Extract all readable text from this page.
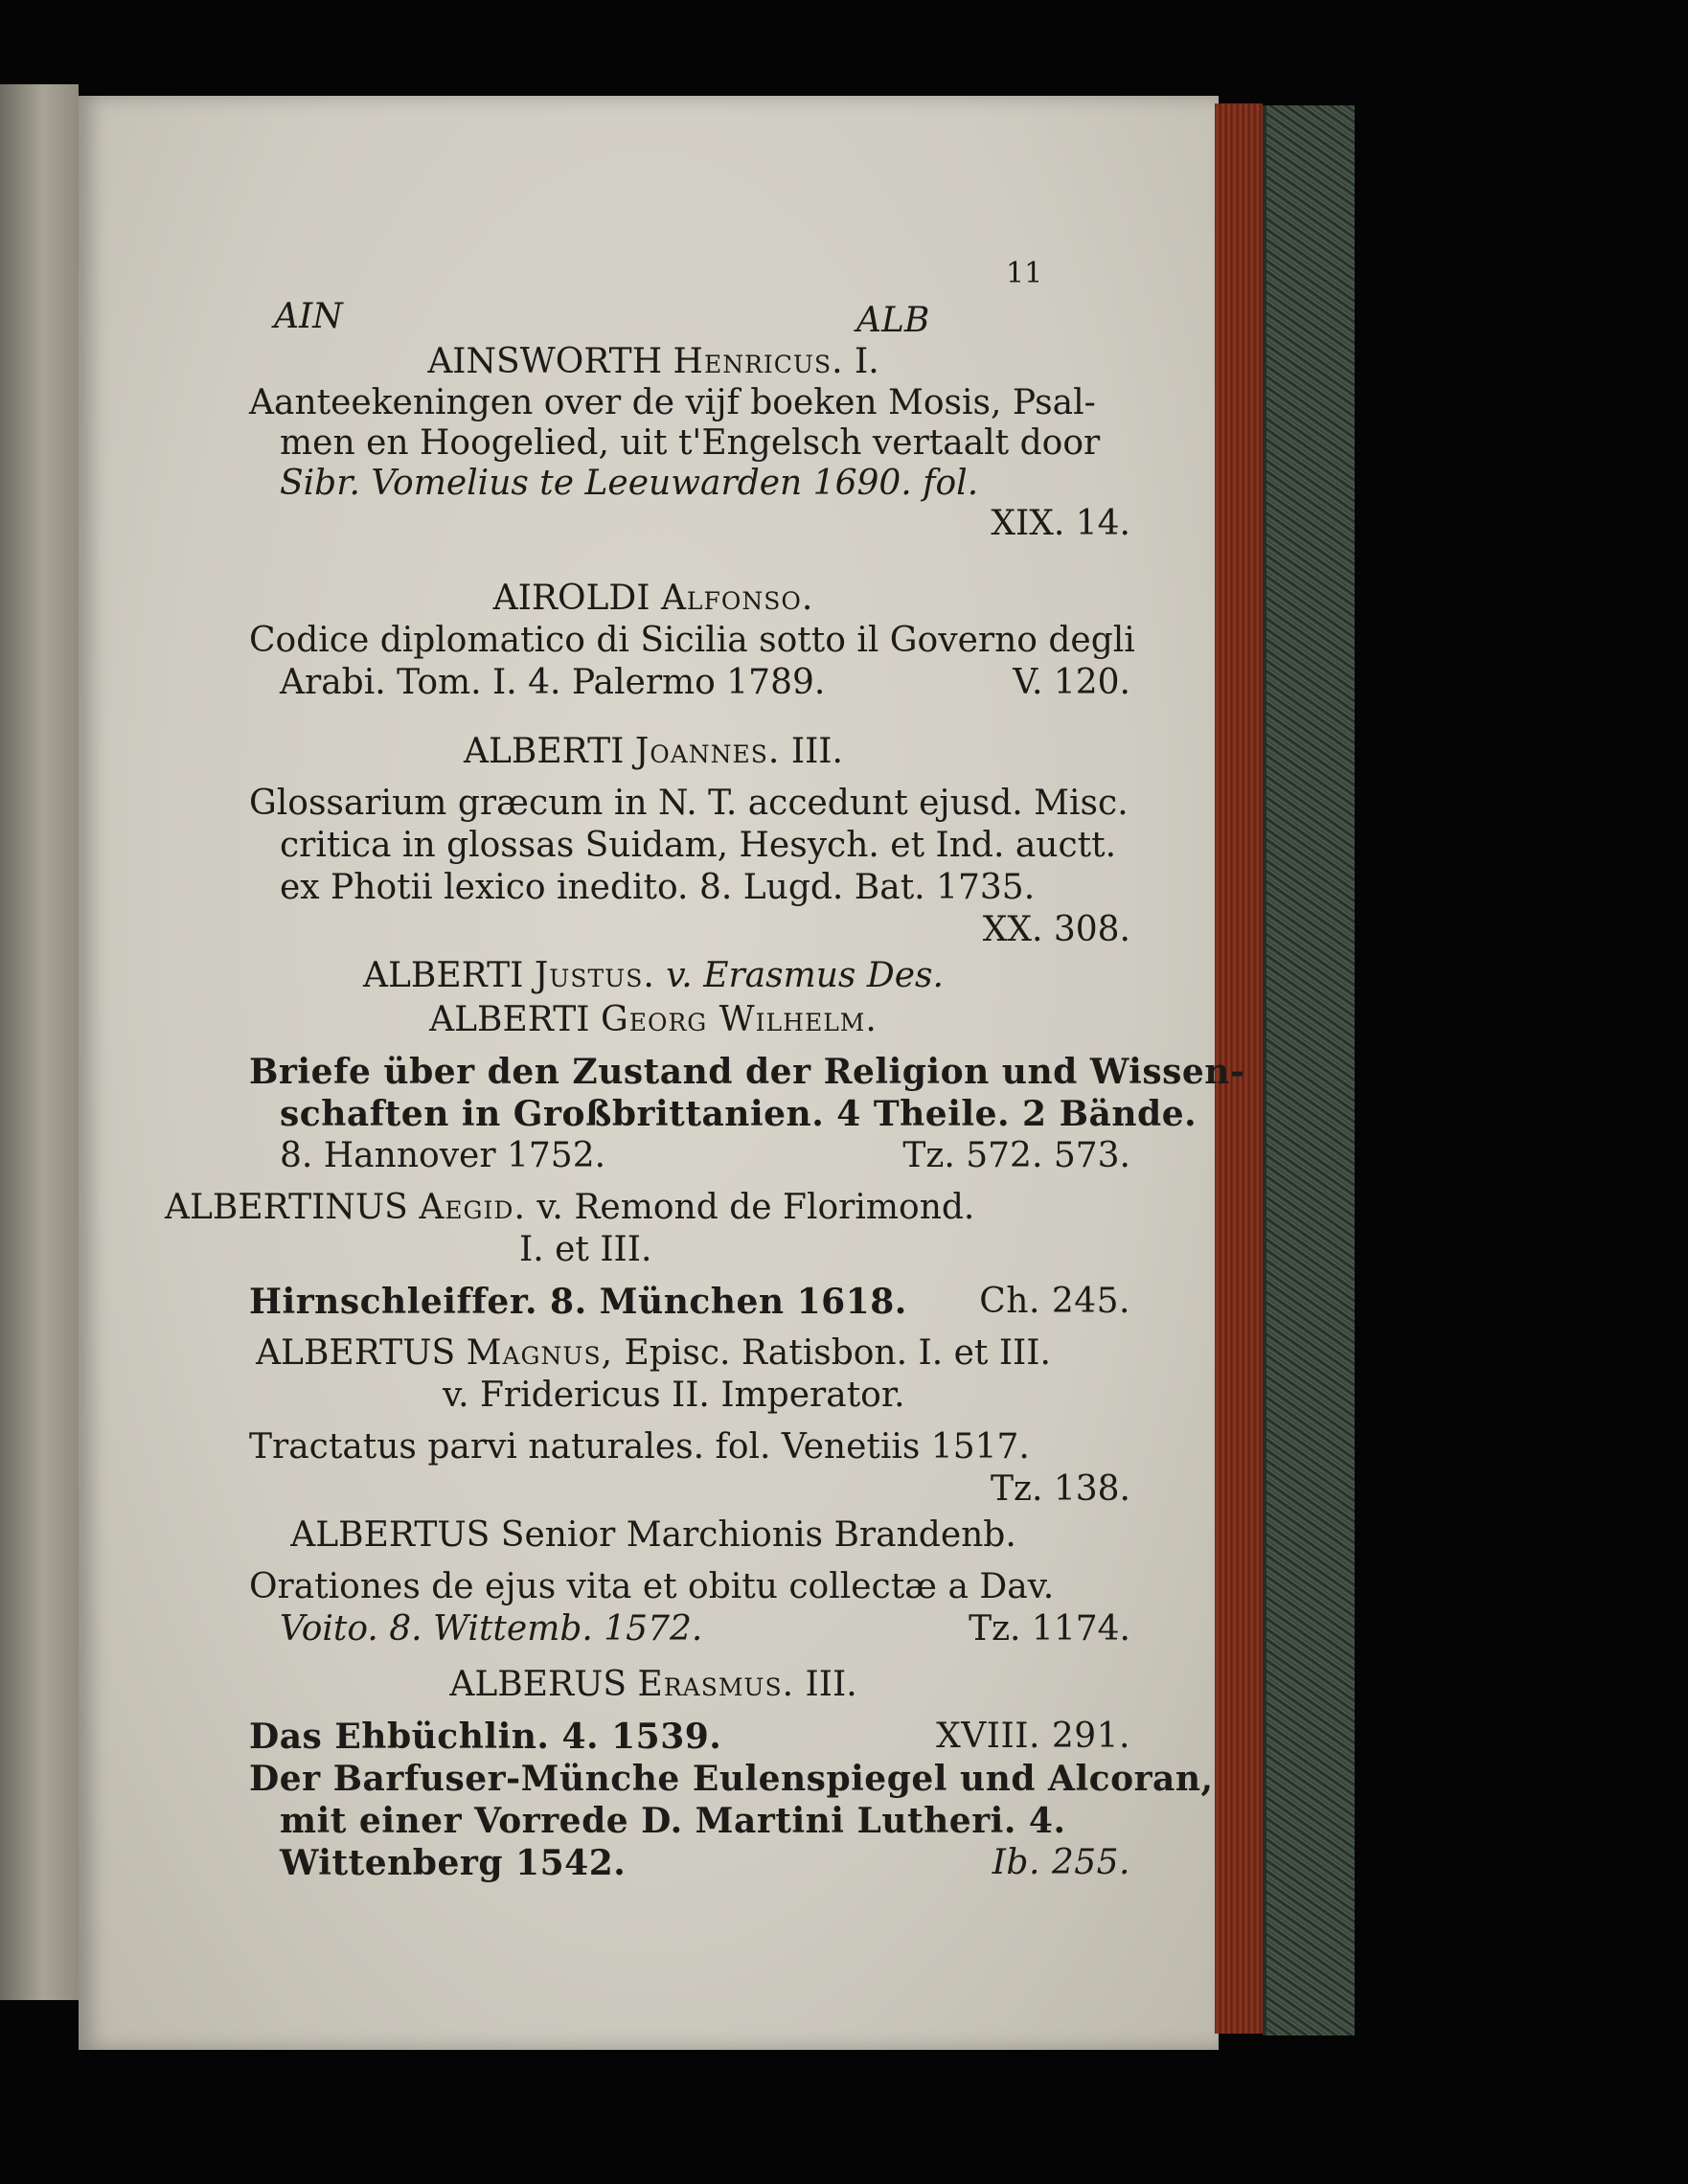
11
AIN	ALB
AINSWORTH Henricus. I.
Aanteekeningen over de vijf boeken Mosis, Psal-
men en Hoogelied, uit t'Engelsch vertaalt door
Sibr. Vomelius te Leeuwarden 1690. fol.
XIX. 14.
AIROLDI Alfonso.
Codice diplomatico di Sicilia sotto il Governo degli
Arabi. Tom. I. 4. Palermo 1789.	V. 120.
ALBERTI Joannes. III.
Glossarium græcum in N. T. accedunt ejusd. Misc.
critica in glossas Suidam, Hesych. et Ind. auctt.
ex Photii lexico inedito. 8. Lugd. Bat. 1735.
XX. 308.
ALBERTI Justus. v. Erasmus Des.
ALBERTI Georg Wilhelm.
Briefe über den Zustand der Religion und Wissen-
schaften in Großbrittanien. 4 Theile. 2 Bände.
8. Hannover 1752.	Tz. 572. 573.
ALBERTINUS Aegid. v. Remond de Florimond.
I. et III.
Hirnschleiffer. 8. München 1618. Ch. 245.
ALBERTUS Magnus, Episc. Ratisbon. I. et III.
v. Fridericus II. Imperator.
Tractatus parvi naturales. fol. Venetiis 1517.
Tz. 138.
ALBERTUS Senior Marchionis Brandenb.
Orationes de ejus vita et obitu collectæ a Dav.
Voito. 8. Wittemb. 1572.	Tz. 1174.
ALBERUS Erasmus. III.
Das Ehbüchlin. 4. 1539.	XVIII. 291.
Der Barfuser-Münche Eulenspiegel und Alcoran,
mit einer Vorrede D. Martini Lutheri. 4.
Wittenberg 1542.	Ib. 255.
